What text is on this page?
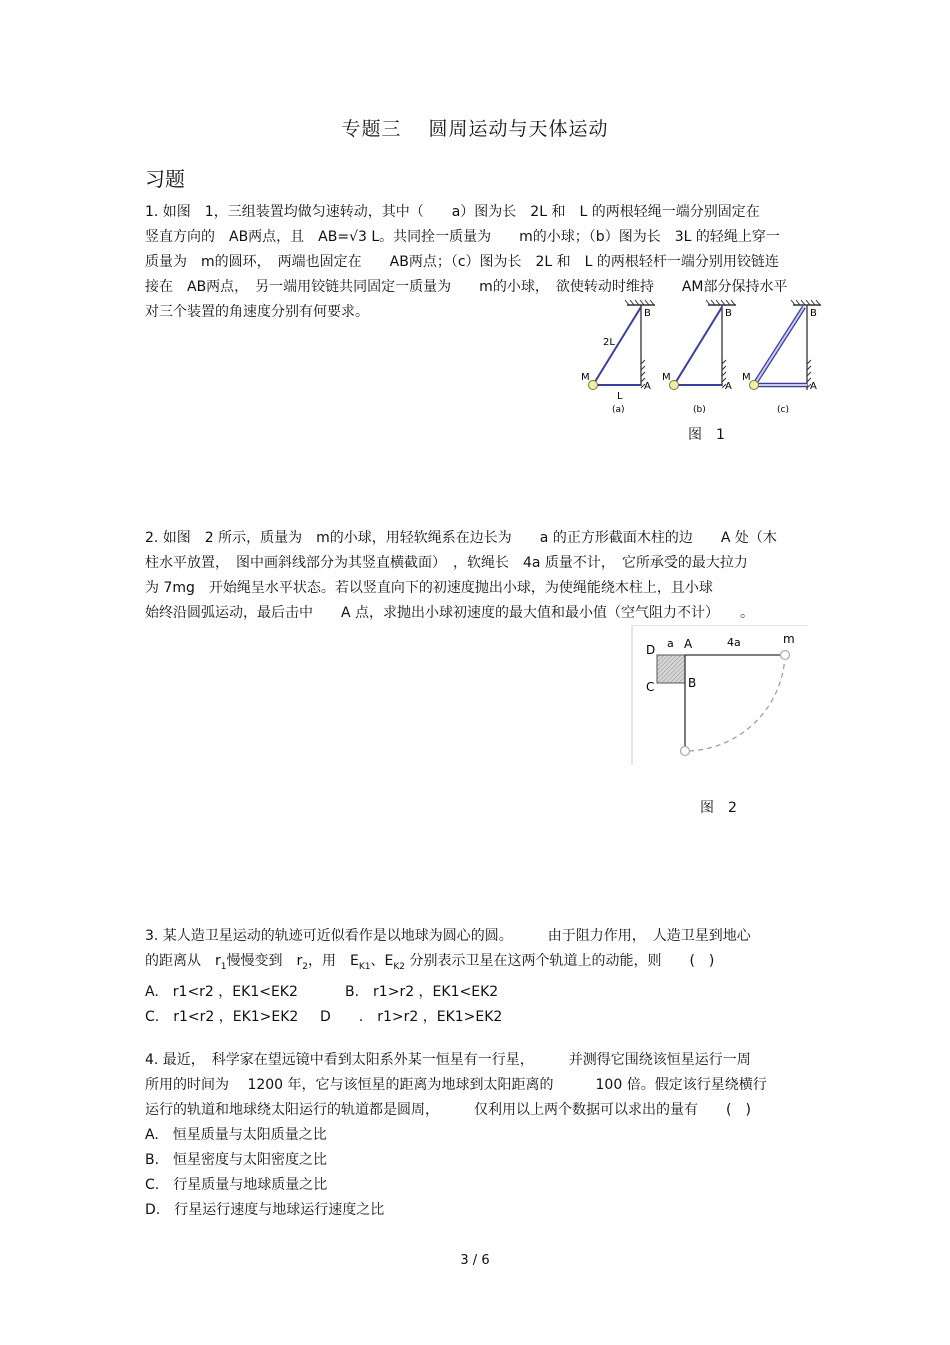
专题三　 圆周运动与天体运动
习题

1. 如图　1，三组装置均做匀速转动，其中（　　a）图为长　2L 和　L 的两根轻绳一端分别固定在

竖直方向的　AB两点，且　AB=√3 L。共同拴一质量为　　m的小球；（b）图为长　3L 的轻绳上穿一

质量为　m的圆环，　两端也固定在　　AB两点；（c）图为长　2L 和　L 的两根轻杆一端分别用铰链连

接在　AB两点，　另一端用铰链共同固定一质量为　　m的小球，　欲使转动时维持　　AM部分保持水平

对三个装置的角速度分别有何要求。	B
A
M
2L
L
(a)
B
A
M
(b)
B
A
M
(c)
图　1

2. 如图　2 所示，质量为　m的小球，用轻软绳系在边长为　　a 的正方形截面木柱的边　　A 处（木

柱水平放置，　图中画斜线部分为其竖直横截面）　，软绳长　4a 质量不计，　它所承受的最大拉力

为 7mg　开始绳呈水平状态。若以竖直向下的初速度抛出小球，为使绳能绕木柱上，且小球

始终沿圆弧运动，最后击中　　A 点，求抛出小球初速度的最大值和最小值（空气阻力不计）　　。

D a A	4a	m
C	B
图　2

3. 某人造卫星运动的轨迹可近似看作是以地球为圆心的圆。　　　由于阻力作用，　人造卫星到地心

的距离从　$r_1$慢慢变到　$r_2$，用　$E_{K1}$、$E_{K2}$ 分别表示卫星在这两个轨道上的动能，则　　(　)

A.　r1<r2 ，EK1<EK2	B.　r1>r2 ，EK1<EK2

C.　r1<r2 ，EK1>EK2 D　　.　r1>r2 ，EK1>EK2

4. 最近，　科学家在望远镜中看到太阳系外某一恒星有一行星，　　　并测得它围绕该恒星运行一周

所用的时间为　 1200 年，它与该恒星的距离为地球到太阳距离的　　　100 倍。假定该行星绕横行

运行的轨道和地球绕太阳运行的轨道都是圆周，　　　仅利用以上两个数据可以求出的量有　　(　)

A.　恒星质量与太阳质量之比

B.　恒星密度与太阳密度之比

C.　行星质量与地球质量之比

D.　行星运行速度与地球运行速度之比

3 / 6
